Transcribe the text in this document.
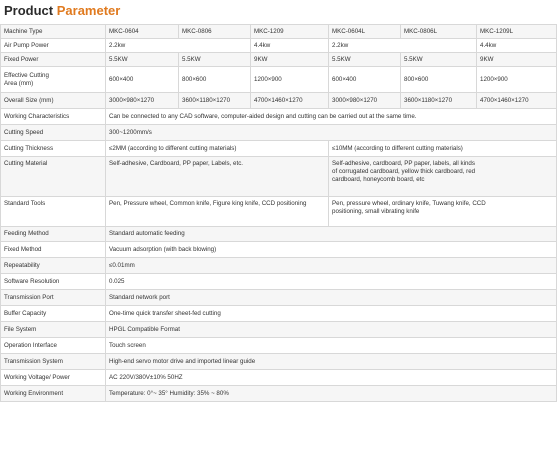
Product Parameter
Machine Type	MKC-0604	MKC-0806	MKC-1209	MKC-0604L	MKC-0806L	MKC-1209L
Air Pump Power	2.2kw		4.4kw	2.2kw		4.4kw
Fixed Power	5.5KW	5.5KW	9KW	5.5KW	5.5KW	9KW

Effective Cutting
Area (mm)	600×400	800×600	1200×900	600×400	800×600	1200×900
Overall Size (mm)	3000×980×1270	3600×1180×1270	4700×1460×1270	3000×980×1270	3600×1180×1270	4700×1460×1270
Working Characteristics	Can be connected to any CAD software, computer-aided design and cutting can be carried out at the same time.					
Cutting Speed	300~1200mm/s					
Cutting Thickness	≤2MM (according to different cutting materials)			≤10MM (according to different cutting materials)		
Cutting Material	Self-adhesive, Cardboard, PP paper, Labels, etc.			Self-adhesive, cardboard, PP paper, labels, all kinds
of corrugated cardboard, yellow thick cardboard, red
cardboard, honeycomb board, etc		

Standard Tools	Pen, Pressure wheel, Common knife, Figure king knife, CCD positioning			Pen, pressure wheel, ordinary knife, Tuwang knife, CCD
positioning, small vibrating knife		

Feeding Method	Standard automatic feeding					
Fixed Method	Vacuum adsorption (with back blowing)					
Repeatability	≤0.01mm					
Software Resolution	0.025					
Transmission Port	Standard network port					
Buffer Capacity	One-time quick transfer sheet-fed cutting					
File System	HPGL Compatible Format					
Operation Interface	Touch screen					
Transmission System	High-end servo motor drive and imported linear guide					
Working Voltage/ Power	AC 220V/380V±10% 50HZ					
Working Environment	Temperature: 0°~ 35° Humidity: 35% ~ 80%					
